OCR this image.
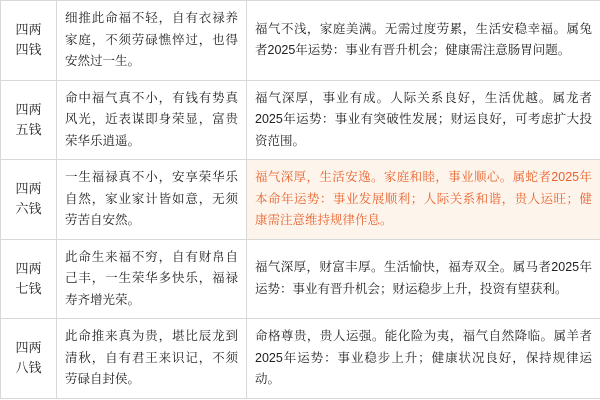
四两
四钱	细推此命福不轻，自有衣禄养家庭，不须劳碌憔悴过，也得安然过一生。	福气不浅，家庭美满。无需过度劳累，生活安稳幸福。属兔者2025年运势：事业有晋升机会；健康需注意肠胃问题。

四两
五钱	命中福气真不小，有钱有势真风光，近表谋即身荣显，富贵荣华乐逍遥。	福气深厚，事业有成。人际关系良好，生活优越。属龙者2025年运势：事业有突破性发展；财运良好，可考虑扩大投资范围。

四两
六钱	一生福禄真不小，安享荣华乐自然，家业家计皆如意，无须劳苦自安然。	福气深厚，生活安逸。家庭和睦，事业顺心。属蛇者2025年本命年运势：事业发展顺利；人际关系和谐，贵人运旺；健康需注意维持规律作息。

四两
七钱	此命生来福不穷，自有财帛自己丰，一生荣华多快乐，福禄寿齐增光荣。	福气深厚，财富丰厚。生活愉快，福寿双全。属马者2025年运势：事业有晋升机会；财运稳步上升，投资有望获利。

四两
八钱	此命推来真为贵，堪比辰龙到清秋，自有君王来识记，不须劳碌自封侯。	命格尊贵，贵人运强。能化险为夷，福气自然降临。属羊者2025年运势：事业稳步上升；健康状况良好，保持规律运动。
